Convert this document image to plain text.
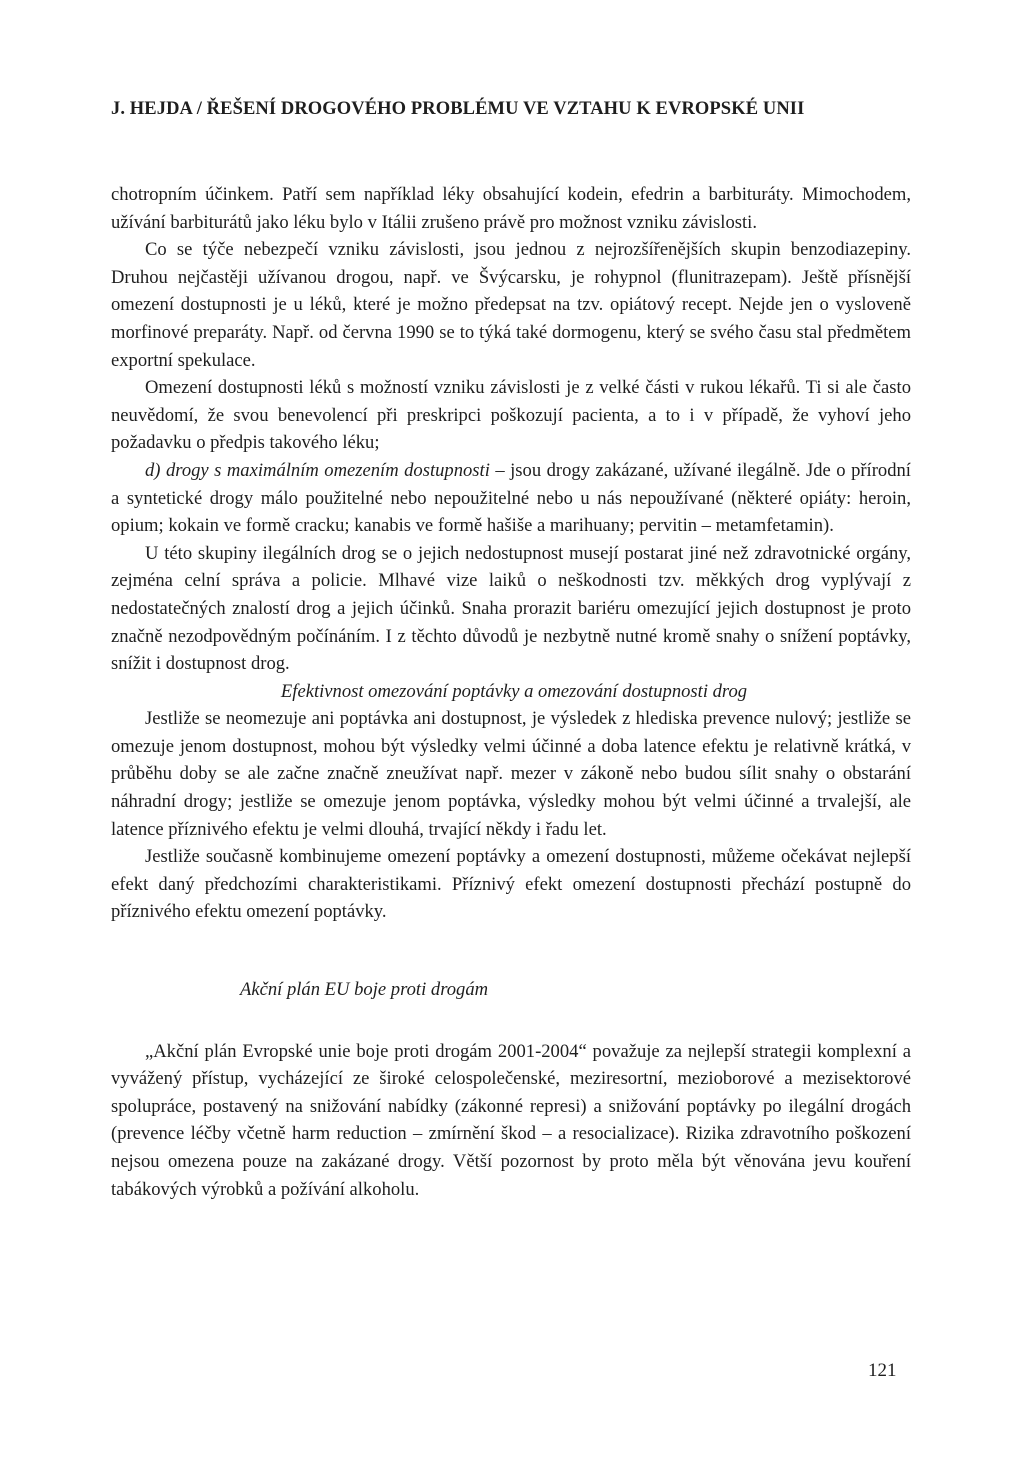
J. HEJDA / ŘEŠENÍ DROGOVÉHO PROBLÉMU VE VZTAHU K EVROPSKÉ UNII

chotropním účinkem. Patří sem například léky obsahující kodein, efedrin a barbituráty. Mimochodem, užívání barbiturátů jako léku bylo v Itálii zrušeno právě pro možnost vzniku závislosti.

Co se týče nebezpečí vzniku závislosti, jsou jednou z nejrozšířenějších skupin benzodiazepiny. Druhou nejčastěji užívanou drogou, např. ve Švýcarsku, je rohypnol (flunitrazepam). Ještě přísnější omezení dostupnosti je u léků, které je možno předepsat na tzv. opiátový recept. Nejde jen o vysloveně morfinové preparáty. Např. od června 1990 se to týká také dormogenu, který se svého času stal předmětem exportní spekulace.

Omezení dostupnosti léků s možností vzniku závislosti je z velké části v rukou lékařů. Ti si ale často neuvědomí, že svou benevolencí při preskripci poškozují pacienta, a to i v případě, že vyhoví jeho požadavku o předpis takového léku;

d) drogy s maximálním omezením dostupnosti – jsou drogy zakázané, užívané ilegálně. Jde o přírodní a syntetické drogy málo použitelné nebo nepoužitelné nebo u nás nepoužívané (některé opiáty: heroin, opium; kokain ve formě cracku; kanabis ve formě hašiše a marihuany; pervitin – metamfetamin).

U této skupiny ilegálních drog se o jejich nedostupnost musejí postarat jiné než zdravotnické orgány, zejména celní správa a policie. Mlhavé vize laiků o neškodnosti tzv. měkkých drog vyplývají z nedostatečných znalostí drog a jejich účinků. Snaha prorazit bariéru omezující jejich dostupnost je proto značně nezodpovědným počínáním. I z těchto důvodů je nezbytně nutné kromě snahy o snížení poptávky, snížit i dostupnost drog.

Efektivnost omezování poptávky a omezování dostupnosti drog

Jestliže se neomezuje ani poptávka ani dostupnost, je výsledek z hlediska prevence nulový; jestliže se omezuje jenom dostupnost, mohou být výsledky velmi účinné a doba latence efektu je relativně krátká, v průběhu doby se ale začne značně zneužívat např. mezer v zákoně nebo budou sílit snahy o obstarání náhradní drogy; jestliže se omezuje jenom poptávka, výsledky mohou být velmi účinné a trvalejší, ale latence příznivého efektu je velmi dlouhá, trvající někdy i řadu let.

Jestliže současně kombinujeme omezení poptávky a omezení dostupnosti, můžeme očekávat nejlepší efekt daný předchozími charakteristikami. Příznivý efekt omezení dostupnosti přechází postupně do příznivého efektu omezení poptávky.

Akční plán EU boje proti drogám

„Akční plán Evropské unie boje proti drogám 2001-2004“ považuje za nejlepší strategii komplexní a vyvážený přístup, vycházející ze široké celospolečenské, meziresortní, mezioborové a mezisektorové spolupráce, postavený na snižování nabídky (zákonné represi) a snižování poptávky po ilegální drogách (prevence léčby včetně harm reduction – zmírnění škod – a resocializace). Rizika zdravotního poškození nejsou omezena pouze na zakázané drogy. Větší pozornost by proto měla být věnována jevu kouření tabákových výrobků a požívání alkoholu.

121
